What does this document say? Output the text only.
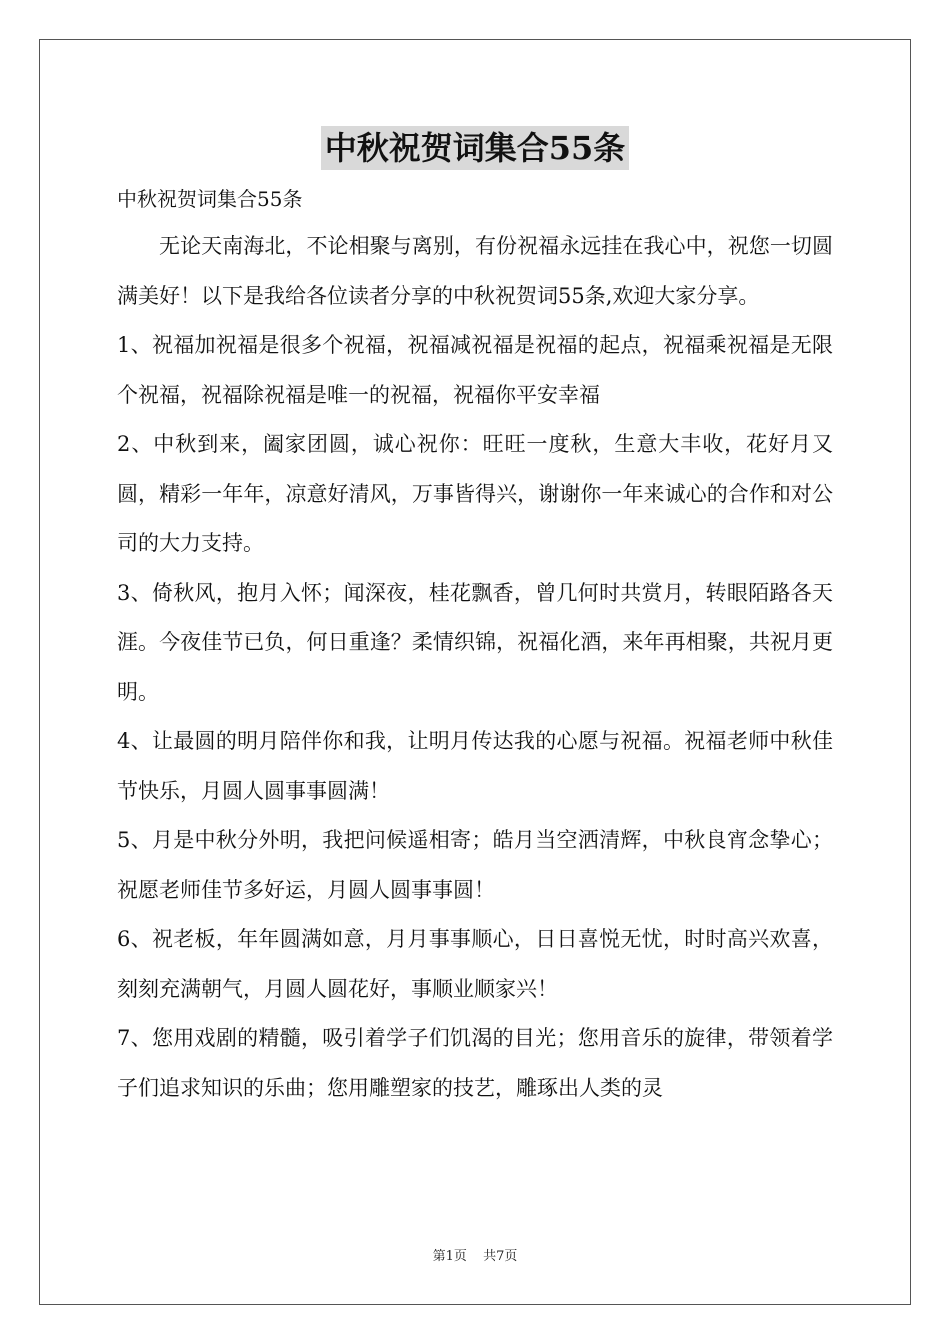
中秋祝贺词集合55条

中秋祝贺词集合55条

无论天南海北，不论相聚与离别，有份祝福永远挂在我心中，祝您一切圆满美好！以下是我给各位读者分享的中秋祝贺词55条,欢迎大家分享。

1、祝福加祝福是很多个祝福，祝福减祝福是祝福的起点，祝福乘祝福是无限个祝福，祝福除祝福是唯一的祝福，祝福你平安幸福

2、中秋到来，阖家团圆，诚心祝你：旺旺一度秋，生意大丰收，花好月又圆，精彩一年年，凉意好清风，万事皆得兴，谢谢你一年来诚心的合作和对公司的大力支持。

3、倚秋风，抱月入怀；闻深夜，桂花飘香，曾几何时共赏月，转眼陌路各天涯。今夜佳节已负，何日重逢？柔情织锦，祝福化酒，来年再相聚，共祝月更明。

4、让最圆的明月陪伴你和我，让明月传达我的心愿与祝福。祝福老师中秋佳节快乐，月圆人圆事事圆满！

5、月是中秋分外明，我把问候遥相寄；皓月当空洒清辉，中秋良宵念挚心；祝愿老师佳节多好运，月圆人圆事事圆！

6、祝老板，年年圆满如意，月月事事顺心，日日喜悦无忧，时时高兴欢喜，刻刻充满朝气，月圆人圆花好，事顺业顺家兴！

7、您用戏剧的精髓，吸引着学子们饥渴的目光；您用音乐的旋律，带领着学子们追求知识的乐曲；您用雕塑家的技艺，雕琢出人类的灵

第1页 共7页
